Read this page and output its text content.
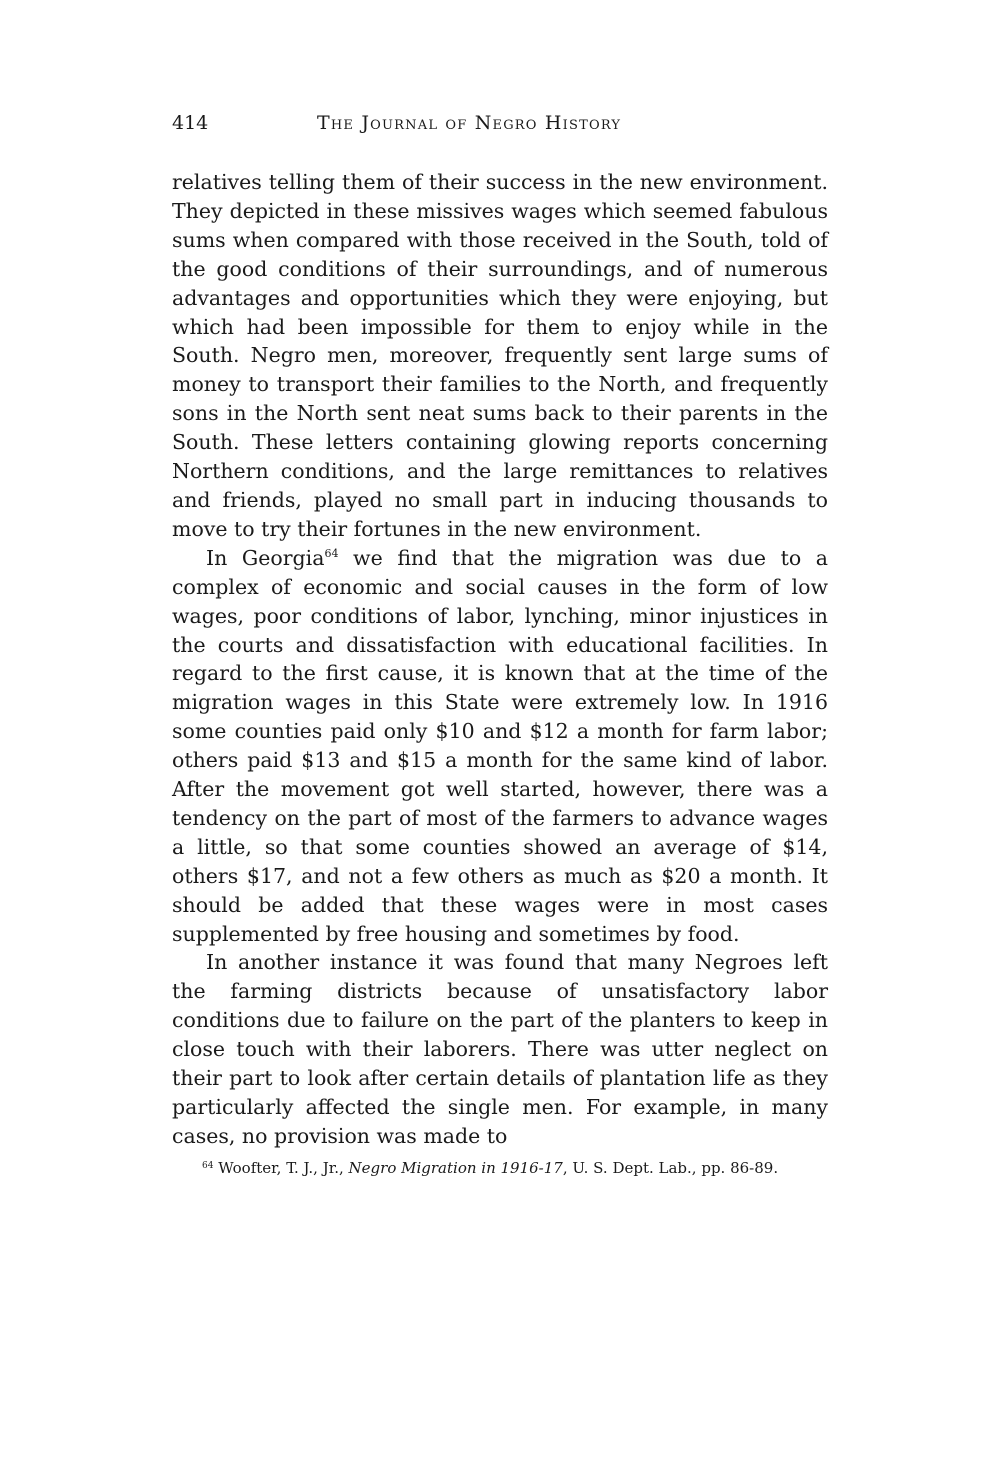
414	The Journal of Negro History

relatives telling them of their success in the new environment. They depicted in these missives wages which seemed fabulous sums when compared with those received in the South, told of the good conditions of their surroundings, and of numerous advantages and opportunities which they were enjoying, but which had been impossible for them to enjoy while in the South. Negro men, moreover, frequently sent large sums of money to transport their families to the North, and frequently sons in the North sent neat sums back to their parents in the South. These letters containing glowing reports concerning Northern conditions, and the large remittances to relatives and friends, played no small part in inducing thousands to move to try their fortunes in the new environment.

In Georgia$^{64}$ we find that the migration was due to a complex of economic and social causes in the form of low wages, poor conditions of labor, lynching, minor injustices in the courts and dissatisfaction with educational facilities. In regard to the first cause, it is known that at the time of the migration wages in this State were extremely low. In 1916 some counties paid only $10 and $12 a month for farm labor; others paid $13 and $15 a month for the same kind of labor. After the movement got well started, however, there was a tendency on the part of most of the farmers to advance wages a little, so that some counties showed an average of $14, others $17, and not a few others as much as $20 a month. It should be added that these wages were in most cases supplemented by free housing and sometimes by food.

In another instance it was found that many Negroes left the farming districts because of unsatisfactory labor conditions due to failure on the part of the planters to keep in close touch with their laborers. There was utter neglect on their part to look after certain details of plantation life as they particularly affected the single men. For example, in many cases, no provision was made to

$^{64}$ Woofter, T. J., Jr., Negro Migration in 1916-17, U. S. Dept. Lab., pp. 86-89.
